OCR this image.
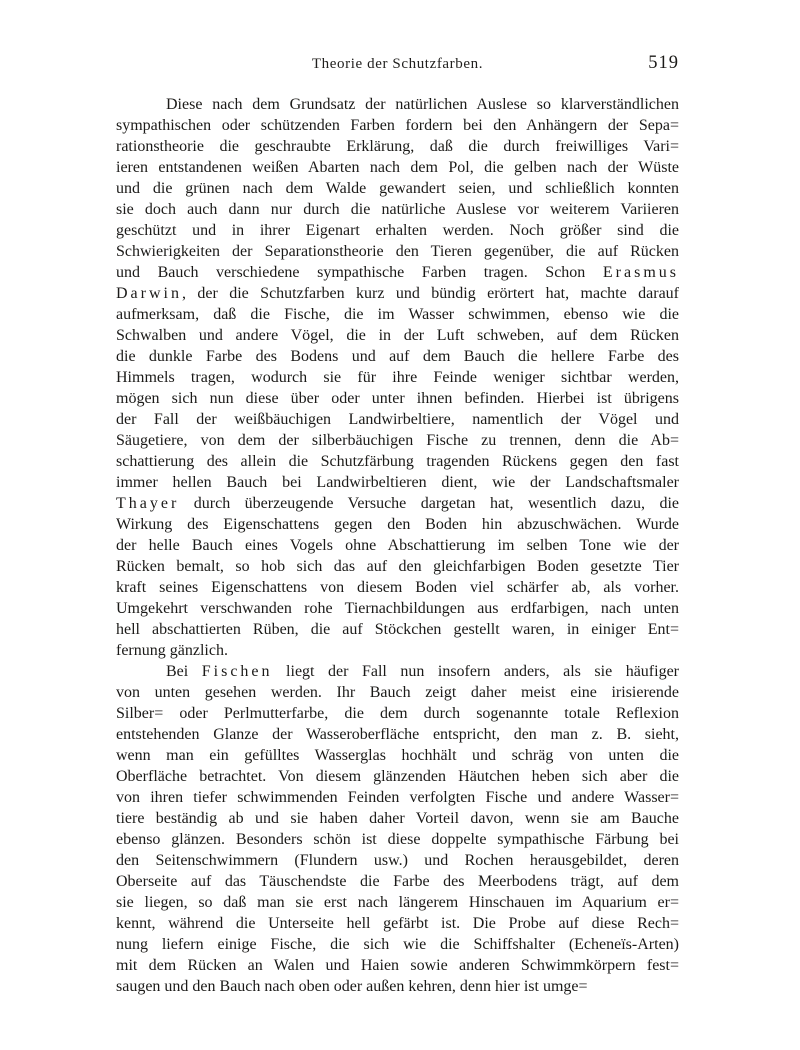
Theorie der Schutzfarben.	519
Diese nach dem Grundsatz der natürlichen Auslese so klarverständlichen
sympathischen oder schützenden Farben fordern bei den Anhängern der Sepa=
rationstheorie die geschraubte Erklärung, daß die durch freiwilliges Vari=
ieren entstandenen weißen Abarten nach dem Pol, die gelben nach der Wüste
und die grünen nach dem Walde gewandert seien, und schließlich konnten
sie doch auch dann nur durch die natürliche Auslese vor weiterem Variieren
geschützt und in ihrer Eigenart erhalten werden. Noch größer sind die
Schwierigkeiten der Separationstheorie den Tieren gegenüber, die auf Rücken
und Bauch verschiedene sympathische Farben tragen. Schon Erasmus
Darwin, der die Schutzfarben kurz und bündig erörtert hat, machte darauf
aufmerksam, daß die Fische, die im Wasser schwimmen, ebenso wie die
Schwalben und andere Vögel, die in der Luft schweben, auf dem Rücken
die dunkle Farbe des Bodens und auf dem Bauch die hellere Farbe des
Himmels tragen, wodurch sie für ihre Feinde weniger sichtbar werden,
mögen sich nun diese über oder unter ihnen befinden. Hierbei ist übrigens
der Fall der weißbäuchigen Landwirbeltiere, namentlich der Vögel und
Säugetiere, von dem der silberbäuchigen Fische zu trennen, denn die Ab=
schattierung des allein die Schutzfärbung tragenden Rückens gegen den fast
immer hellen Bauch bei Landwirbeltieren dient, wie der Landschaftsmaler
Thayer durch überzeugende Versuche dargetan hat, wesentlich dazu, die
Wirkung des Eigenschattens gegen den Boden hin abzuschwächen. Wurde
der helle Bauch eines Vogels ohne Abschattierung im selben Tone wie der
Rücken bemalt, so hob sich das auf den gleichfarbigen Boden gesetzte Tier
kraft seines Eigenschattens von diesem Boden viel schärfer ab, als vorher.
Umgekehrt verschwanden rohe Tiernachbildungen aus erdfarbigen, nach unten
hell abschattierten Rüben, die auf Stöckchen gestellt waren, in einiger Ent=
fernung gänzlich.
Bei Fischen liegt der Fall nun insofern anders, als sie häufiger
von unten gesehen werden. Ihr Bauch zeigt daher meist eine irisierende
Silber= oder Perlmutterfarbe, die dem durch sogenannte totale Reflexion
entstehenden Glanze der Wasseroberfläche entspricht, den man z. B. sieht,
wenn man ein gefülltes Wasserglas hochhält und schräg von unten die
Oberfläche betrachtet. Von diesem glänzenden Häutchen heben sich aber die
von ihren tiefer schwimmenden Feinden verfolgten Fische und andere Wasser=
tiere beständig ab und sie haben daher Vorteil davon, wenn sie am Bauche
ebenso glänzen. Besonders schön ist diese doppelte sympathische Färbung bei
den Seitenschwimmern (Flundern usw.) und Rochen herausgebildet, deren
Oberseite auf das Täuschendste die Farbe des Meerbodens trägt, auf dem
sie liegen, so daß man sie erst nach längerem Hinschauen im Aquarium er=
kennt, während die Unterseite hell gefärbt ist. Die Probe auf diese Rech=
nung liefern einige Fische, die sich wie die Schiffshalter (Echeneïs-Arten)
mit dem Rücken an Walen und Haien sowie anderen Schwimmkörpern fest=
saugen und den Bauch nach oben oder außen kehren, denn hier ist umge=
